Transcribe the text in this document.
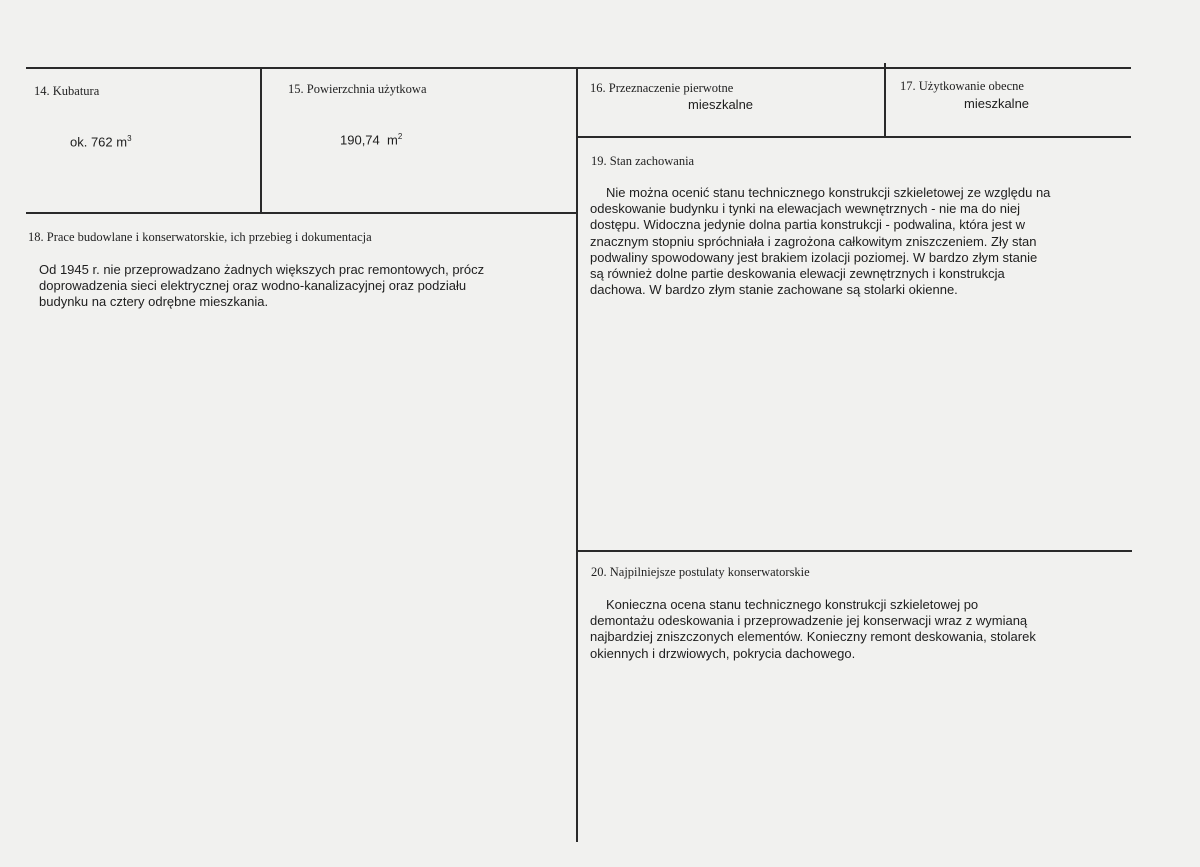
14. Kubatura
ok. 762 $m^3$
15. Powierzchnia użytkowa
190,74  $m^2$
16. Przeznaczenie pierwotne
mieszkalne
17. Użytkowanie obecne
mieszkalne
18. Prace budowlane i konserwatorskie, ich przebieg i dokumentacja
Od 1945 r. nie przeprowadzano żadnych większych prac remontowych, prócz
doprowadzenia sieci elektrycznej oraz wodno-kanalizacyjnej oraz podziału
budynku na cztery odrębne mieszkania.
19. Stan zachowania
Nie można ocenić stanu technicznego konstrukcji szkieletowej ze względu na
odeskowanie budynku i tynki na elewacjach wewnętrznych - nie ma do niej
dostępu. Widoczna jedynie dolna partia konstrukcji - podwalina, która jest w
znacznym stopniu spróchniała i zagrożona całkowitym zniszczeniem. Zły stan
podwaliny spowodowany jest brakiem izolacji poziomej. W bardzo złym stanie
są również dolne partie deskowania elewacji zewnętrznych i konstrukcja
dachowa. W bardzo złym stanie zachowane są stolarki okienne.
20. Najpilniejsze postulaty konserwatorskie
Konieczna ocena stanu technicznego konstrukcji szkieletowej po
demontażu odeskowania i przeprowadzenie jej konserwacji wraz z wymianą
najbardziej zniszczonych elementów. Konieczny remont deskowania, stolarek
okiennych i drzwiowych, pokrycia dachowego.
